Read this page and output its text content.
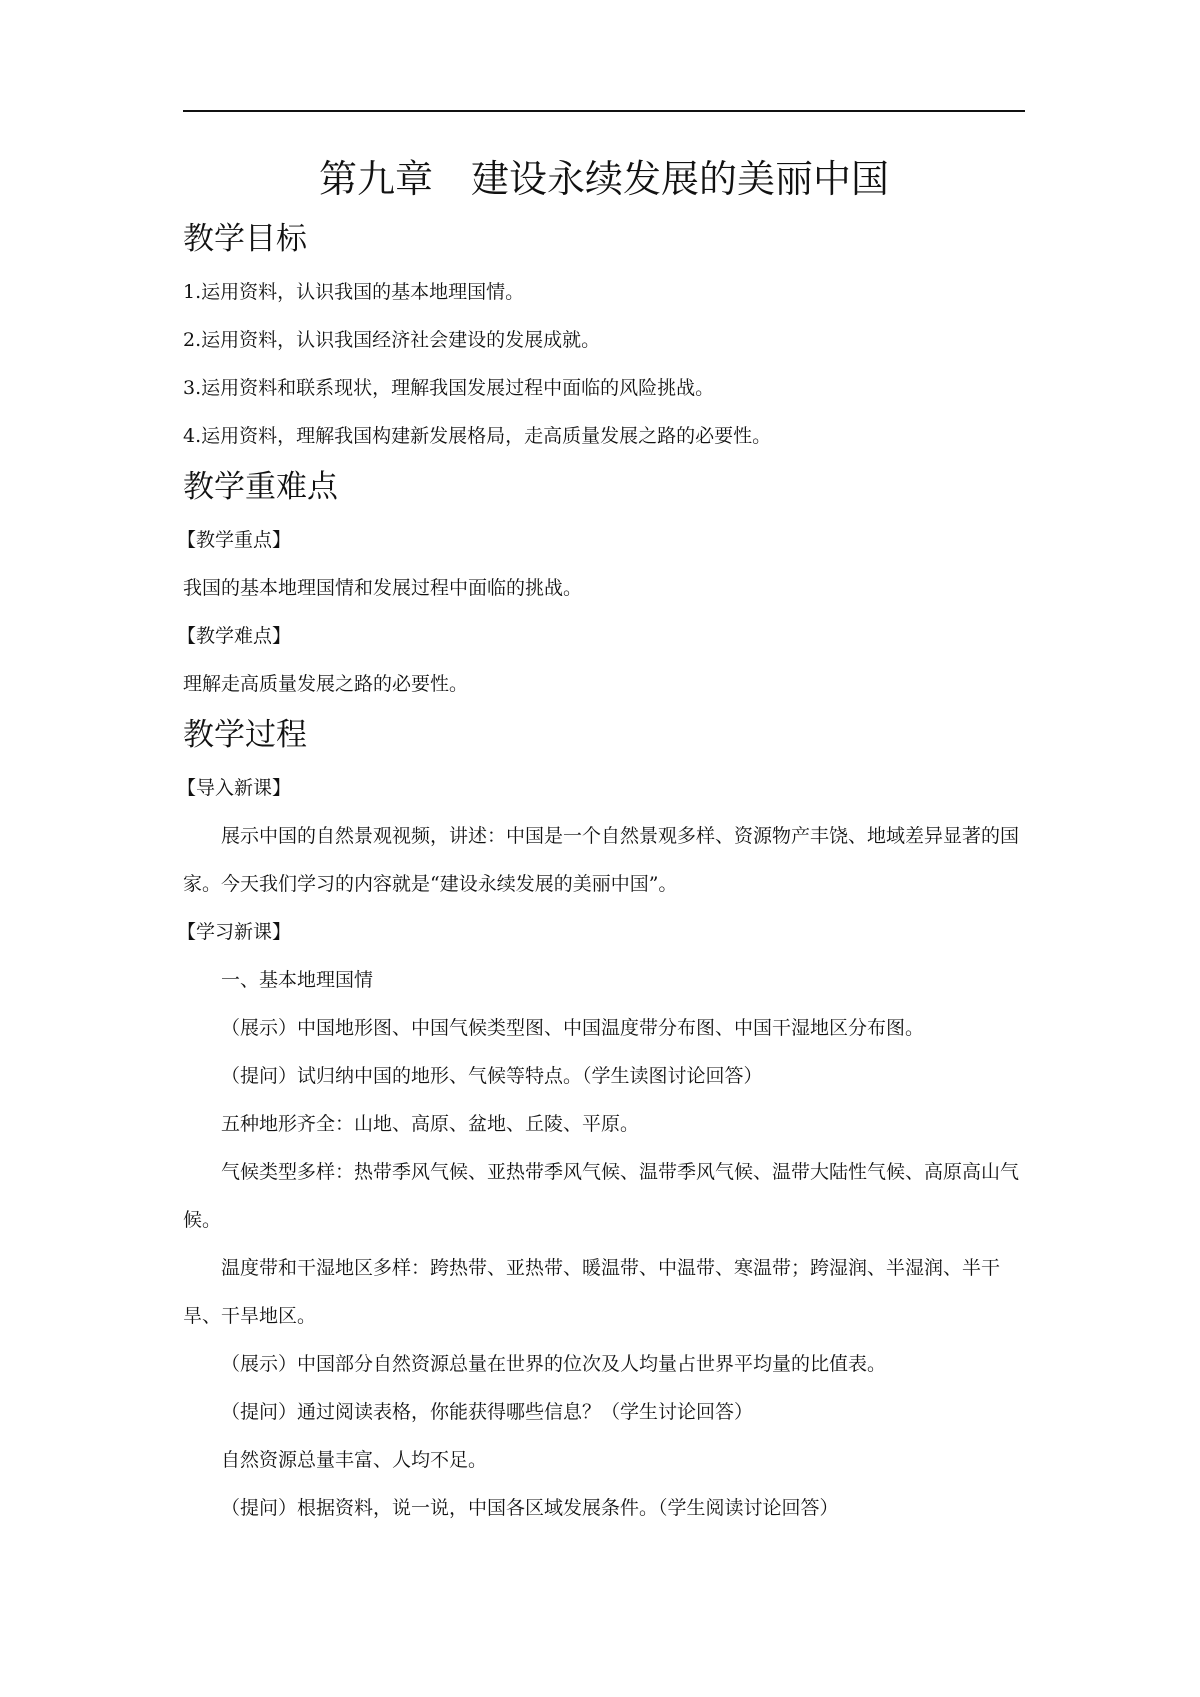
第九章　建设永续发展的美丽中国
教学目标

1.运用资料，认识我国的基本地理国情。

2.运用资料，认识我国经济社会建设的发展成就。

3.运用资料和联系现状，理解我国发展过程中面临的风险挑战。

4.运用资料，理解我国构建新发展格局，走高质量发展之路的必要性。

教学重难点

【教学重点】

我国的基本地理国情和发展过程中面临的挑战。

【教学难点】

理解走高质量发展之路的必要性。

教学过程

【导入新课】

展示中国的自然景观视频，讲述：中国是一个自然景观多样、资源物产丰饶、地域差异显著的国家。今天我们学习的内容就是“建设永续发展的美丽中国”。

【学习新课】

一、基本地理国情

（展示）中国地形图、中国气候类型图、中国温度带分布图、中国干湿地区分布图。

（提问）试归纳中国的地形、气候等特点。（学生读图讨论回答）

五种地形齐全：山地、高原、盆地、丘陵、平原。

气候类型多样：热带季风气候、亚热带季风气候、温带季风气候、温带大陆性气候、高原高山气候。

温度带和干湿地区多样：跨热带、亚热带、暖温带、中温带、寒温带；跨湿润、半湿润、半干旱、干旱地区。

（展示）中国部分自然资源总量在世界的位次及人均量占世界平均量的比值表。

（提问）通过阅读表格，你能获得哪些信息？（学生讨论回答）

自然资源总量丰富、人均不足。

（提问）根据资料，说一说，中国各区域发展条件。（学生阅读讨论回答）
